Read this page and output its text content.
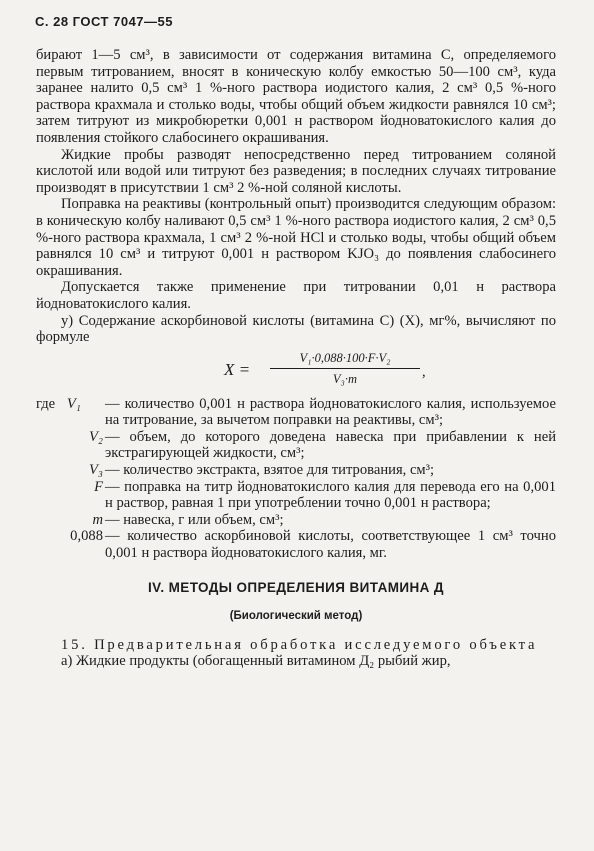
С. 28 ГОСТ 7047—55

бирают 1—5 см³, в зависимости от содержания витамина С, определяемого первым титрованием, вносят в коническую колбу емкостью 50—100 см³, куда заранее налито 0,5 см³ 1 %-ного раствора иодистого калия, 2 см³ 0,5 %-ного раствора крахмала и столько воды, чтобы общий объем жидкости равнялся 10 см³; затем титруют из микробюретки 0,001 н раствором йодноватокислого калия до появления стойкого слабосинего окрашивания.

Жидкие пробы разводят непосредственно перед титрованием соляной кислотой или водой или титруют без разведения; в последних случаях титрование производят в присутствии 1 см³ 2 %-ной соляной кислоты.

Поправка на реактивы (контрольный опыт) производится следующим образом: в коническую колбу наливают 0,5 см³ 1 %-ного раствора иодистого калия, 2 см³ 0,5 %-ного раствора крахмала, 1 см³ 2 %-ной HCl и столько воды, чтобы общий объем равнялся 10 см³ и титруют 0,001 н раствором KJO₃ до появления слабосинего окрашивания.

Допускается также применение при титровании 0,01 н раствора йодноватокислого калия.

у) Содержание аскорбиновой кислоты (витамина С) (X), мг%, вычисляют по формуле

$X = \frac{\text{V₁·0,088·100·F·V₂}}{\text{V₃·m}}$ ,
где V₁	— количество 0,001 н раствора йодноватокислого калия, используемое на титрование, за вычетом поправки на реактивы, см³;
V₂ — объем, до которого доведена навеска при прибавлении к ней экстрагирующей жидкости, см³;
V₃ — количество экстракта, взятое для титрования, см³;
F — поправка на титр йодноватокислого калия для перевода его на 0,001 н раствор, равная 1 при употреблении точно 0,001 н раствора;
m — навеска, г или объем, см³;
0,088 — количество аскорбиновой кислоты, соответствующее 1 см³ точно 0,001 н раствора йодноватокислого калия, мг.
IV. МЕТОДЫ ОПРЕДЕЛЕНИЯ ВИТАМИНА Д
(Биологический метод)

15. Предварительная обработка исследуемого объекта

а) Жидкие продукты (обогащенный витамином Д₂ рыбий жир,
